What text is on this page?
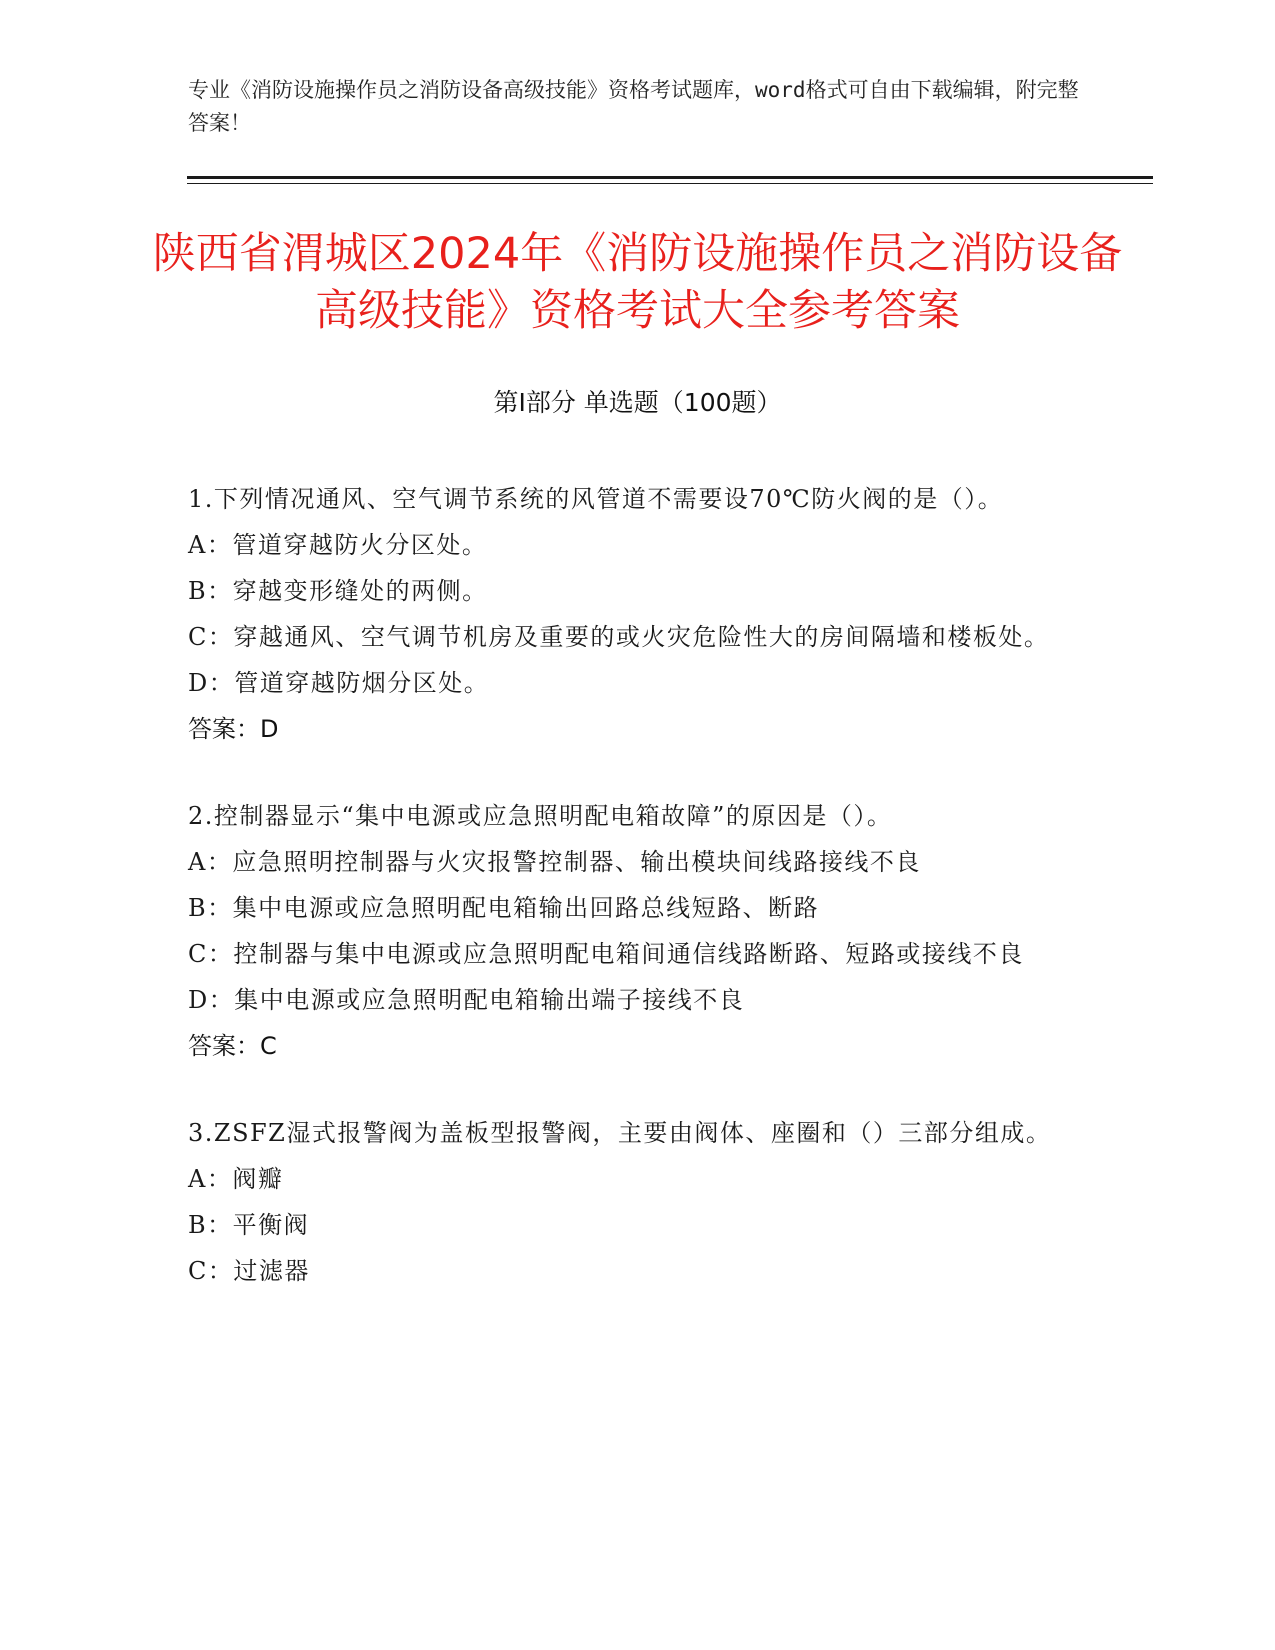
专业《消防设施操作员之消防设备高级技能》资格考试题库，word格式可自由下载编辑，附完整答案！
陕西省渭城区2024年《消防设施操作员之消防设备高级技能》资格考试大全参考答案
第I部分 单选题（100题）
1.下列情况通风、空气调节系统的风管道不需要设70℃防火阀的是（）。
A：管道穿越防火分区处。
B：穿越变形缝处的两侧。
C：穿越通风、空气调节机房及重要的或火灾危险性大的房间隔墙和楼板处。
D：管道穿越防烟分区处。
答案：D
2.控制器显示“集中电源或应急照明配电箱故障”的原因是（）。
A：应急照明控制器与火灾报警控制器、输出模块间线路接线不良
B：集中电源或应急照明配电箱输出回路总线短路、断路
C：控制器与集中电源或应急照明配电箱间通信线路断路、短路或接线不良
D：集中电源或应急照明配电箱输出端子接线不良
答案：C
3.ZSFZ湿式报警阀为盖板型报警阀，主要由阀体、座圈和（）三部分组成。
A：阀瓣
B：平衡阀
C：过滤器
